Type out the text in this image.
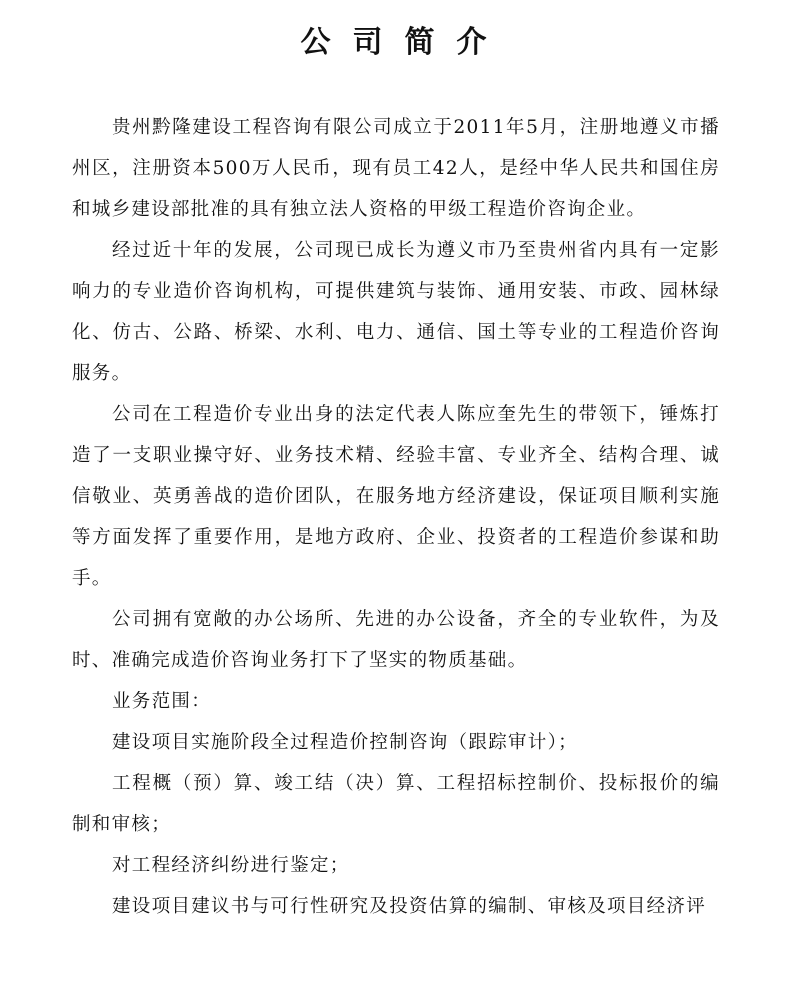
公司简介

贵州黔隆建设工程咨询有限公司成立于2011年5月，注册地遵义市播州区，注册资本500万人民币，现有员工42人，是经中华人民共和国住房和城乡建设部批准的具有独立法人资格的甲级工程造价咨询企业。

经过近十年的发展，公司现已成长为遵义市乃至贵州省内具有一定影响力的专业造价咨询机构，可提供建筑与装饰、通用安装、市政、园林绿化、仿古、公路、桥梁、水利、电力、通信、国土等专业的工程造价咨询服务。

公司在工程造价专业出身的法定代表人陈应奎先生的带领下，锤炼打造了一支职业操守好、业务技术精、经验丰富、专业齐全、结构合理、诚信敬业、英勇善战的造价团队，在服务地方经济建设，保证项目顺利实施等方面发挥了重要作用，是地方政府、企业、投资者的工程造价参谋和助手。

公司拥有宽敞的办公场所、先进的办公设备，齐全的专业软件，为及时、准确完成造价咨询业务打下了坚实的物质基础。

业务范围：

建设项目实施阶段全过程造价控制咨询（跟踪审计）；

工程概（预）算、竣工结（决）算、工程招标控制价、投标报价的编制和审核；

对工程经济纠纷进行鉴定；

建设项目建议书与可行性研究及投资估算的编制、审核及项目经济评
